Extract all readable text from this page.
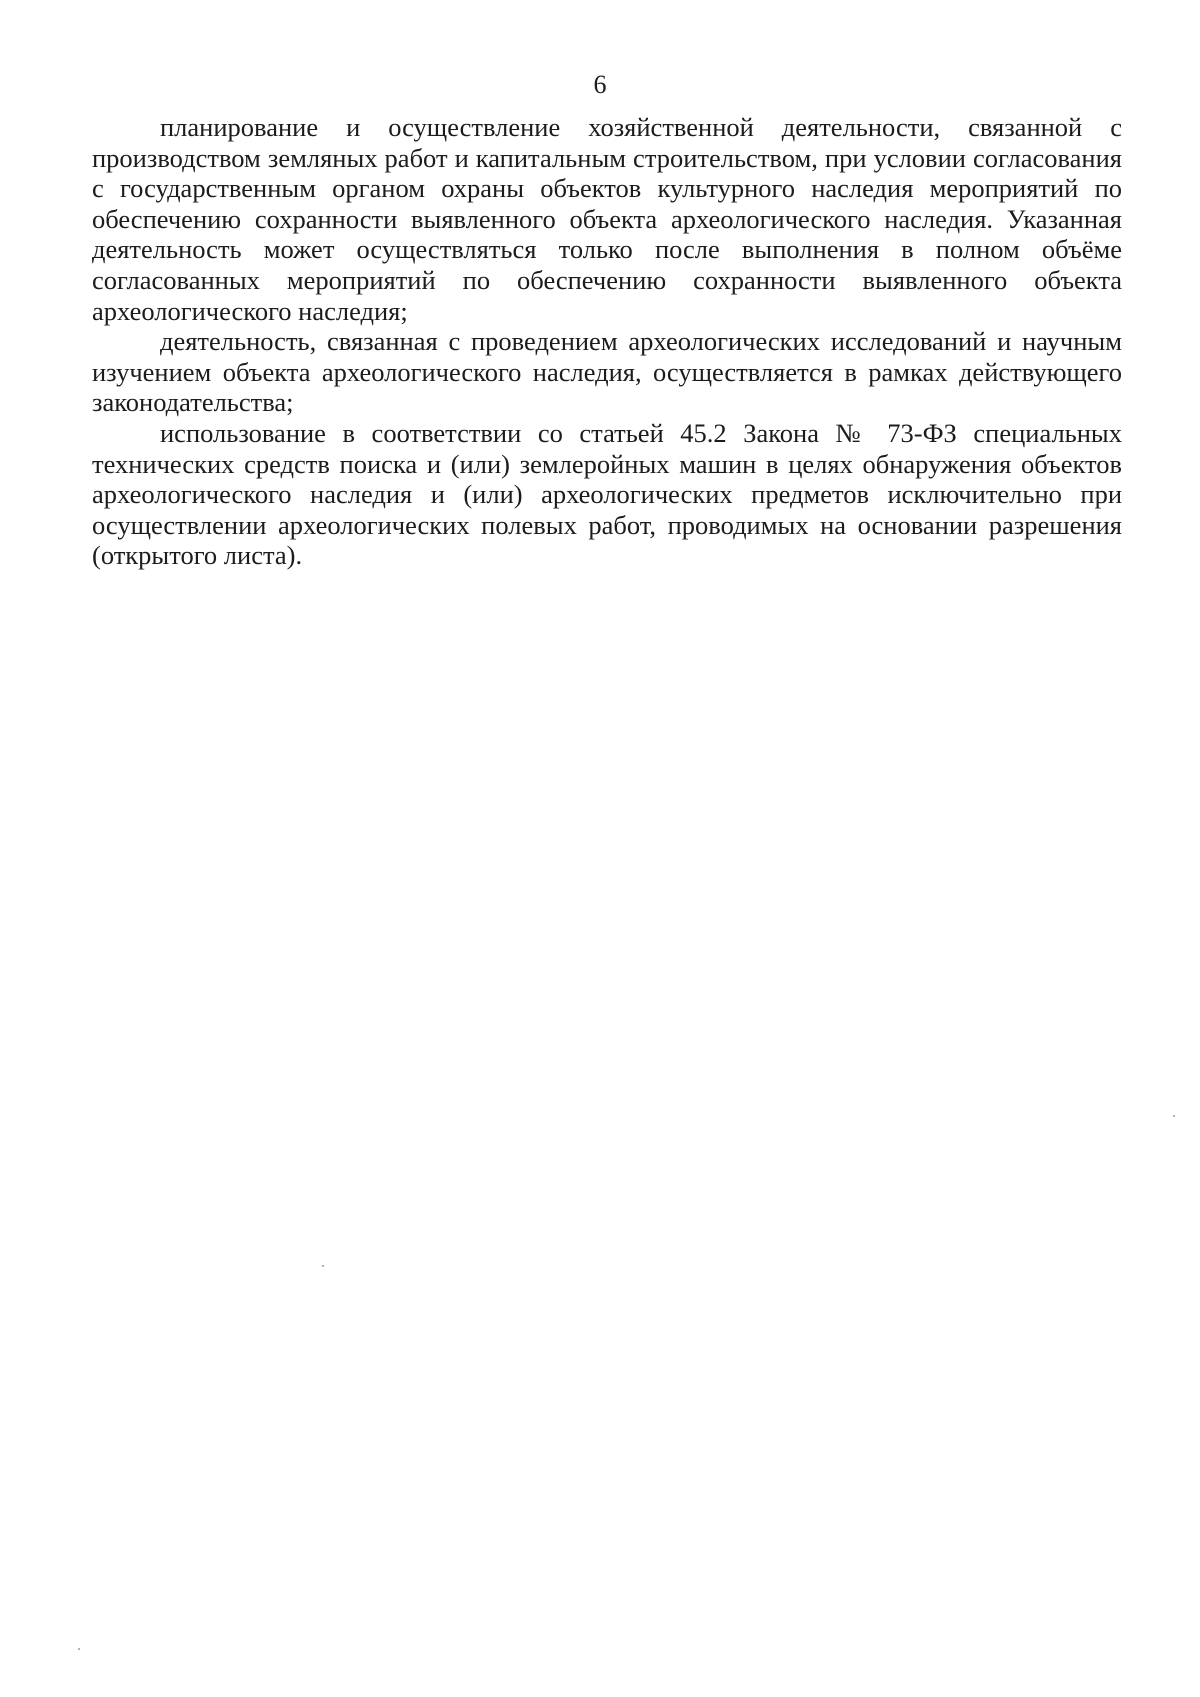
6

планирование и осуществление хозяйственной деятельности, связанной с производством земляных работ и капитальным строительством, при условии согласования с государственным органом охраны объектов культурного наследия мероприятий по обеспечению сохранности выявленного объекта археологического наследия. Указанная деятельность может осуществляться только после выполнения в полном объёме согласованных мероприятий по обеспечению сохранности выявленного объекта археологического наследия;

деятельность, связанная с проведением археологических исследований и научным изучением объекта археологического наследия, осуществляется в рамках действующего законодательства;

использование в соответствии со статьей 45.2 Закона № 73-ФЗ специальных технических средств поиска и (или) землеройных машин в целях обнаружения объектов археологического наследия и (или) археологических предметов исключительно при осуществлении археологических полевых работ, проводимых на основании разрешения (открытого листа).
